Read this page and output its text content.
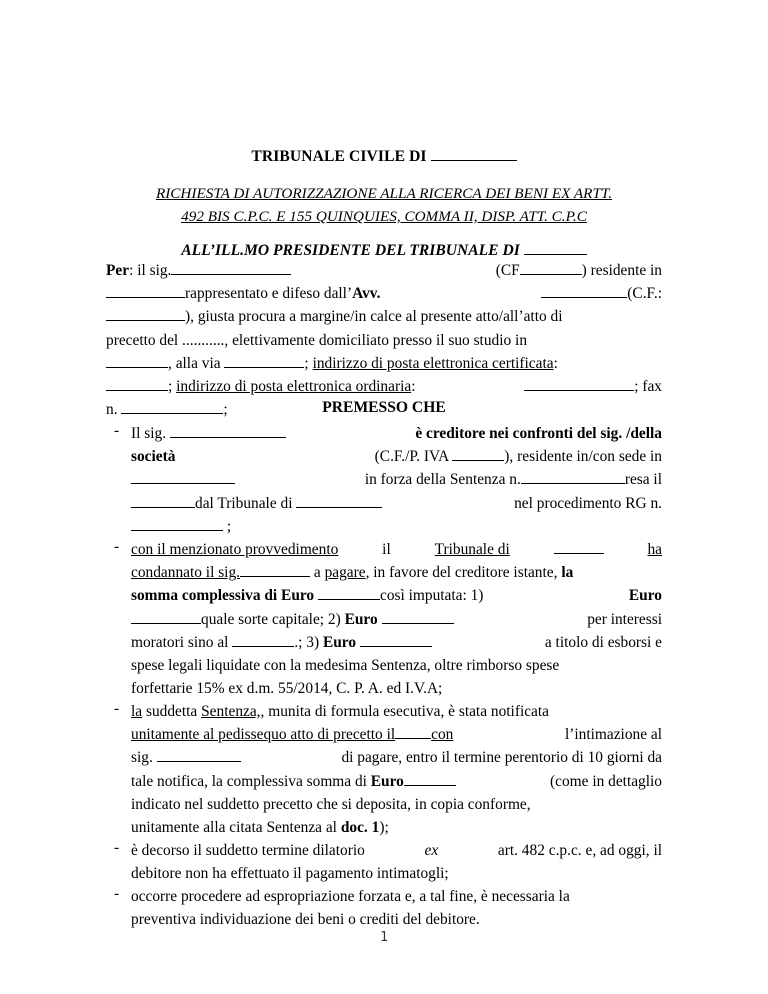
TRIBUNALE CIVILE DI
RICHIESTA DI AUTORIZZAZIONE ALLA RICERCA DEI BENI EX ARTT.
492 BIS C.P.C. E 155 QUINQUIES, COMMA II, DISP. ATT. C.P.C
ALL’ILL.MO PRESIDENTE DEL TRIBUNALE DI
Per: il sig.	(CF	) residente in
rappresentato e difeso dall’Avv.	(C.F.:
), giusta procura a margine/in calce al presente atto/all’atto di
precetto del ..........., elettivamente domiciliato presso il suo studio in
, alla via	; indirizzo di posta elettronica certificata:
; indirizzo di posta elettronica ordinaria:	; fax
n.	;	PREMESSO CHE
- Il sig.	è creditore nei confronti del sig. /della
società	(C.F./P. IVA	), residente in/con sede in
in forza della Sentenza n.	resa il
dal Tribunale di	nel procedimento RG n.
;
- con il menzionato provvedimento	il	Tribunale di	ha
condannato il sig.	a pagare, in favore del creditore istante, la
somma complessiva di Euro	così imputata: 1)	Euro
quale sorte capitale; 2) Euro	per interessi
moratori sino al	.; 3) Euro	a titolo di esborsi e
spese legali liquidate con la medesima Sentenza, oltre rimborso spese
forfettarie 15% ex d.m. 55/2014, C. P. A. ed I.V.A;
- la suddetta Sentenza,, munita di formula esecutiva, è stata notificata
unitamente al pedissequo atto di precetto il con	l’intimazione al
sig.	di pagare, entro il termine perentorio di 10 giorni da
tale notifica, la complessiva somma di Euro	(come in dettaglio
indicato nel suddetto precetto che si deposita, in copia conforme,
unitamente alla citata Sentenza al doc. 1);
- è decorso il suddetto termine dilatorio	ex	art. 482 c.p.c. e, ad oggi, il
debitore non ha effettuato il pagamento intimatogli;
- occorre procedere ad espropriazione forzata e, a tal fine, è necessaria la
preventiva individuazione dei beni o crediti del debitore.
1
